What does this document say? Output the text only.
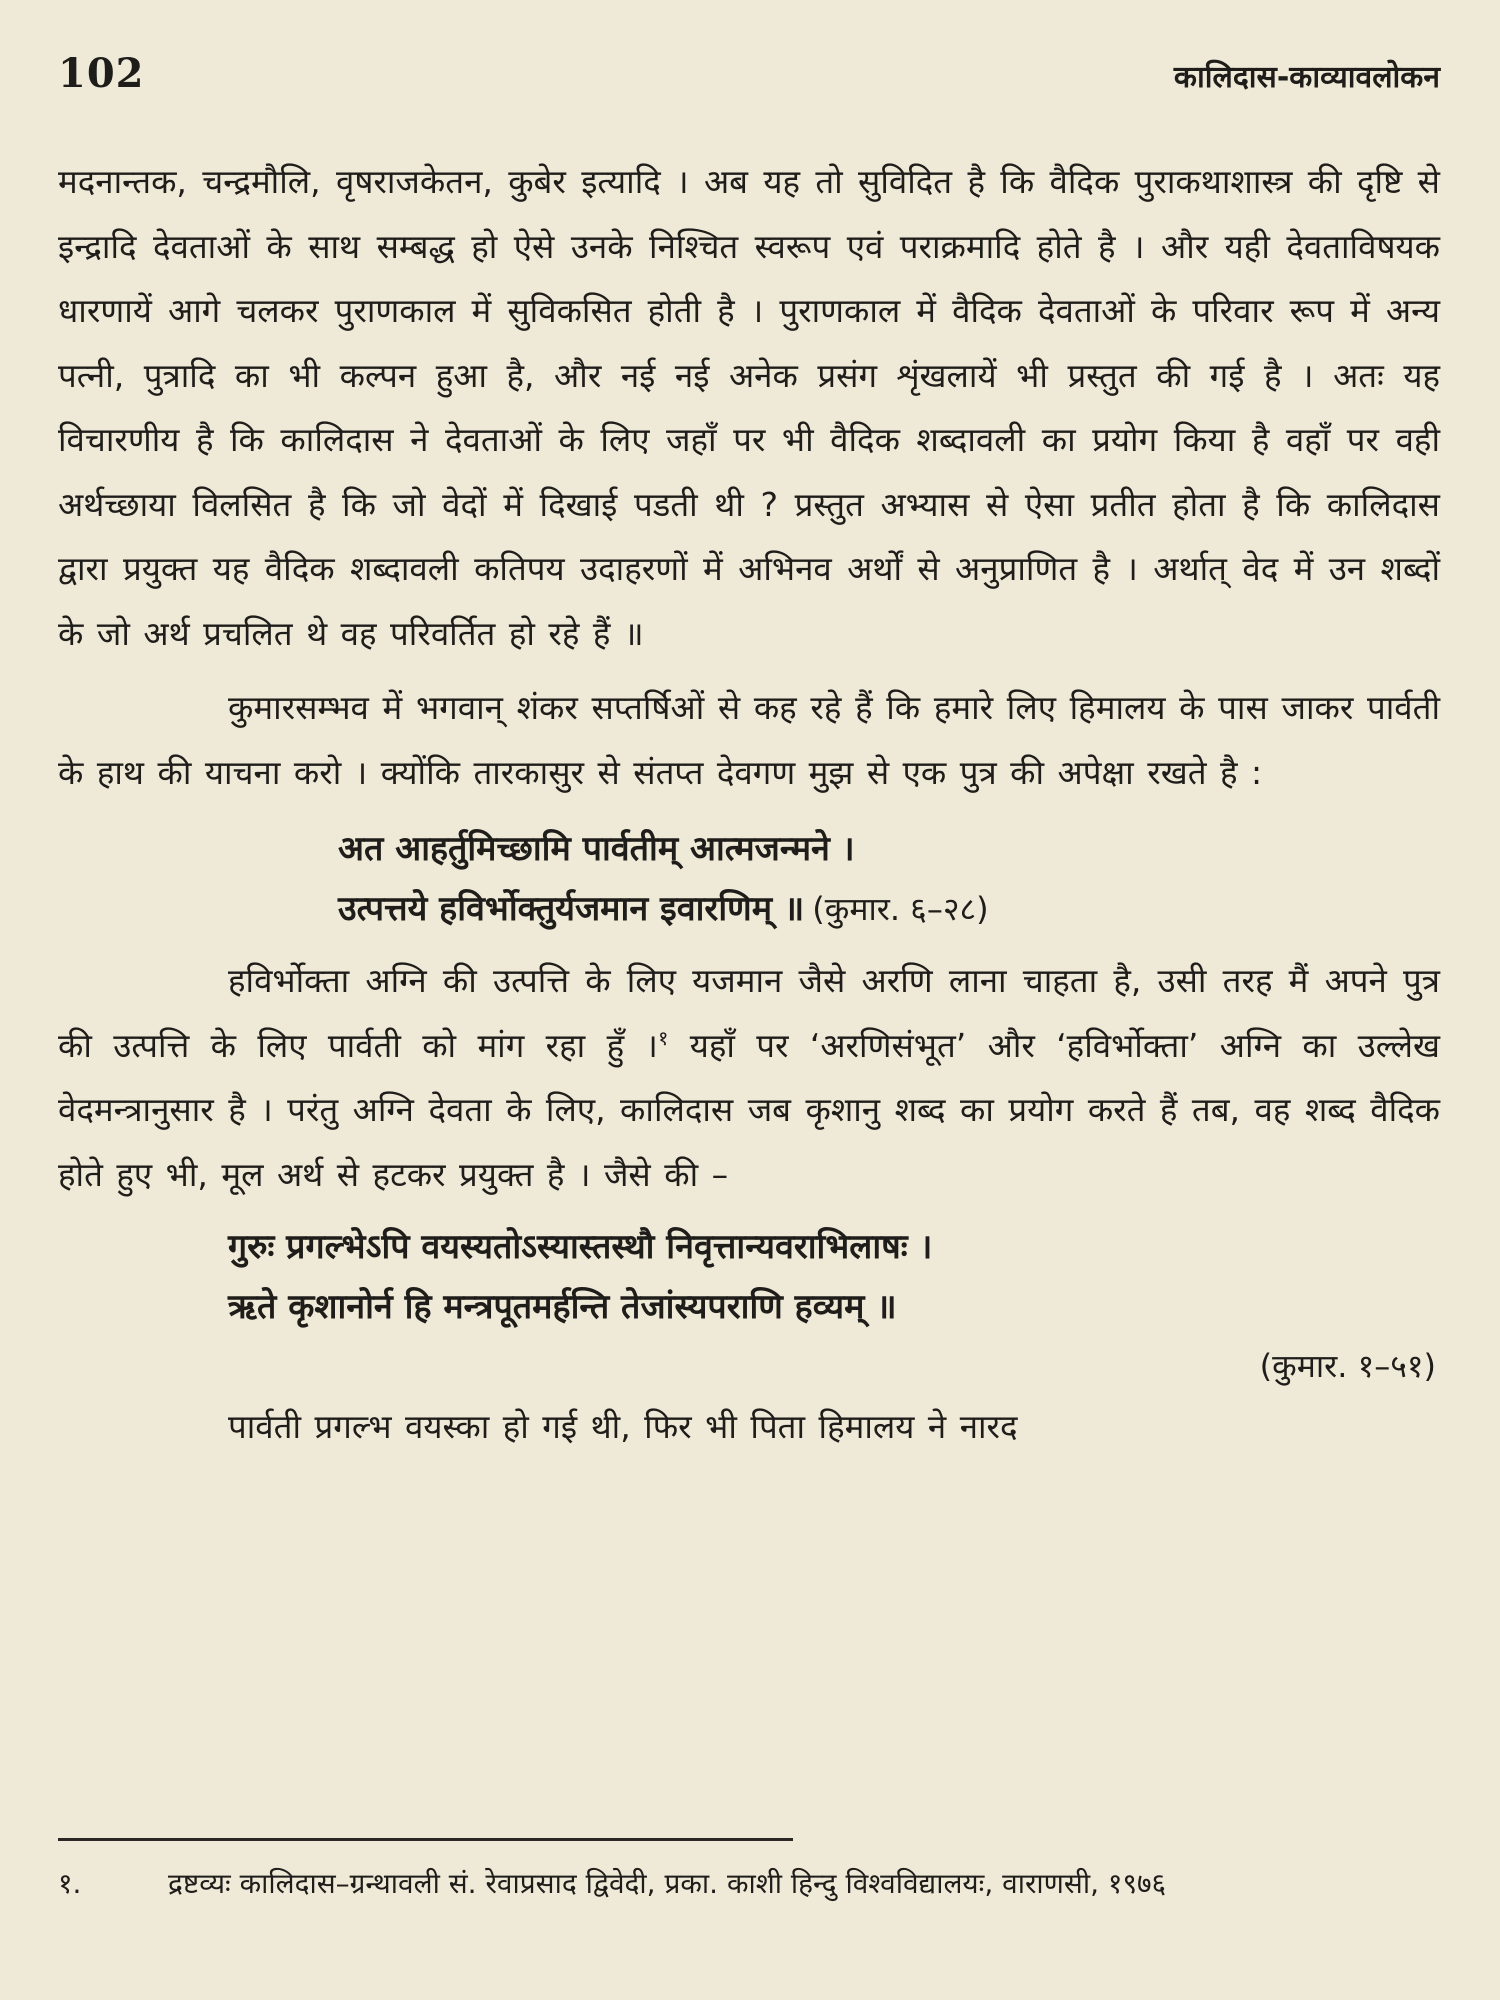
102	कालिदास-काव्यावलोकन

मदनान्तक, चन्द्रमौलि, वृषराजकेतन, कुबेर इत्यादि । अब यह तो सुविदित है कि वैदिक पुराकथाशास्त्र की दृष्टि से इन्द्रादि देवताओं के साथ सम्बद्ध हो ऐसे उनके निश्चित स्वरूप एवं पराक्रमादि होते है । और यही देवताविषयक धारणायें आगे चलकर पुराणकाल में सुविकसित होती है । पुराणकाल में वैदिक देवताओं के परिवार रूप में अन्य पत्नी, पुत्रादि का भी कल्पन हुआ है, और नई नई अनेक प्रसंग शृंखलायें भी प्रस्तुत की गई है । अतः यह विचारणीय है कि कालिदास ने देवताओं के लिए जहाँ पर भी वैदिक शब्दावली का प्रयोग किया है वहाँ पर वही अर्थच्छाया विलसित है कि जो वेदों में दिखाई पडती थी ? प्रस्तुत अभ्यास से ऐसा प्रतीत होता है कि कालिदास द्वारा प्रयुक्त यह वैदिक शब्दावली कतिपय उदाहरणों में अभिनव अर्थों से अनुप्राणित है । अर्थात् वेद में उन शब्दों के जो अर्थ प्रचलित थे वह परिवर्तित हो रहे हैं ॥

कुमारसम्भव में भगवान् शंकर सप्तर्षिओं से कह रहे हैं कि हमारे लिए हिमालय के पास जाकर पार्वती के हाथ की याचना करो । क्योंकि तारकासुर से संतप्त देवगण मुझ से एक पुत्र की अपेक्षा रखते है :

अत आहर्तुमिच्छामि पार्वतीम् आत्मजन्मने ।

उत्पत्तये हविर्भोक्तुर्यजमान इवारणिम् ॥ (कुमार. ६–२८)

हविर्भोक्ता अग्नि की उत्पत्ति के लिए यजमान जैसे अरणि लाना चाहता है, उसी तरह मैं अपने पुत्र की उत्पत्ति के लिए पार्वती को मांग रहा हुँ ।$^१$ यहाँ पर ‘अरणिसंभूत’ और ‘हविर्भोक्ता’ अग्नि का उल्लेख वेदमन्त्रानुसार है । परंतु अग्नि देवता के लिए, कालिदास जब कृशानु शब्द का प्रयोग करते हैं तब, वह शब्द वैदिक होते हुए भी, मूल अर्थ से हटकर प्रयुक्त है । जैसे की –

गुरुः प्रगल्भेऽपि वयस्यतोऽस्यास्तस्थौ निवृत्तान्यवराभिलाषः ।

ऋते कृशानोर्न हि मन्त्रपूतमर्हन्ति तेजांस्यपराणि हव्यम् ॥

(कुमार. १–५१)

पार्वती प्रगल्भ वयस्का हो गई थी, फिर भी पिता हिमालय ने नारद

१.	द्रष्टव्यः कालिदास–ग्रन्थावली सं. रेवाप्रसाद द्विवेदी, प्रका. काशी हिन्दु विश्वविद्यालयः, वाराणसी, १९७६
